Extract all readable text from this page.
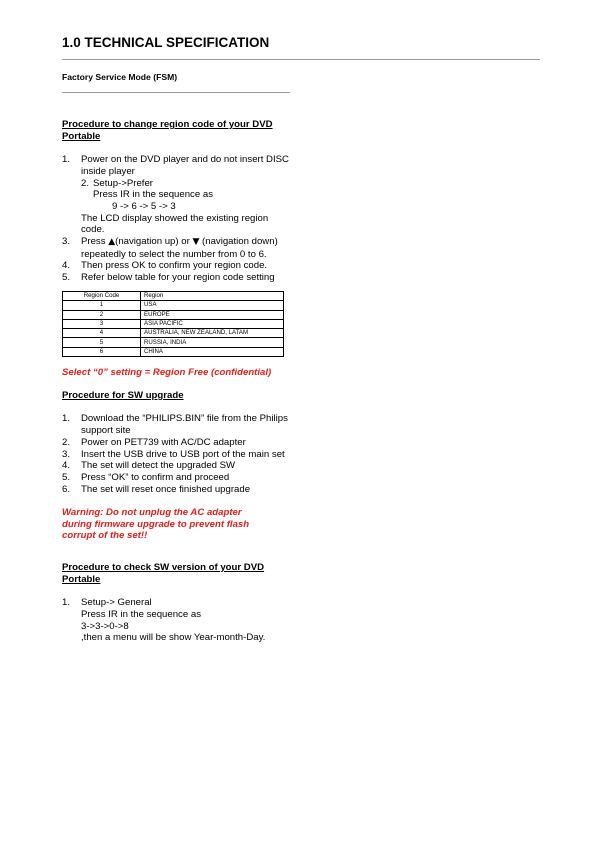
1.0 TECHNICAL SPECIFICATION
Factory Service Mode (FSM)
Procedure to change region code of your DVD Portable
1. Power on the DVD player and do not insert DISC inside player
2. Setup->Prefer
Press IR in the sequence as
9 -> 6 -> 5 -> 3
The LCD display showed the existing region code.
3. Press ▲(navigation up) or ▼ (navigation down) repeatedly to select the number from 0 to 6.
4. Then press OK to confirm your region code.
5. Refer below table for your region code setting
Region Code	Region
1	USA
2	EUROPE
3	ASIA PACIFIC
4	AUSTRALIA, NEW ZEALAND, LATAM
5	RUSSIA, INDIA
6	CHINA
Select “0” setting = Region Free (confidential)
Procedure for SW upgrade
1. Download the “PHILIPS.BIN” file from the Philips support site
2. Power on PET739 with AC/DC adapter
3. Insert the USB drive to USB port of the main set
4. The set will detect the upgraded SW
5. Press “OK” to confirm and proceed
6. The set will reset once finished upgrade
Warning: Do not unplug the AC adapter during firmware upgrade to prevent flash corrupt of the set!!
Procedure to check SW version of your DVD Portable
1. Setup-> General
Press IR in the sequence as
3->3->0->8
,then a menu will be show Year-month-Day.
